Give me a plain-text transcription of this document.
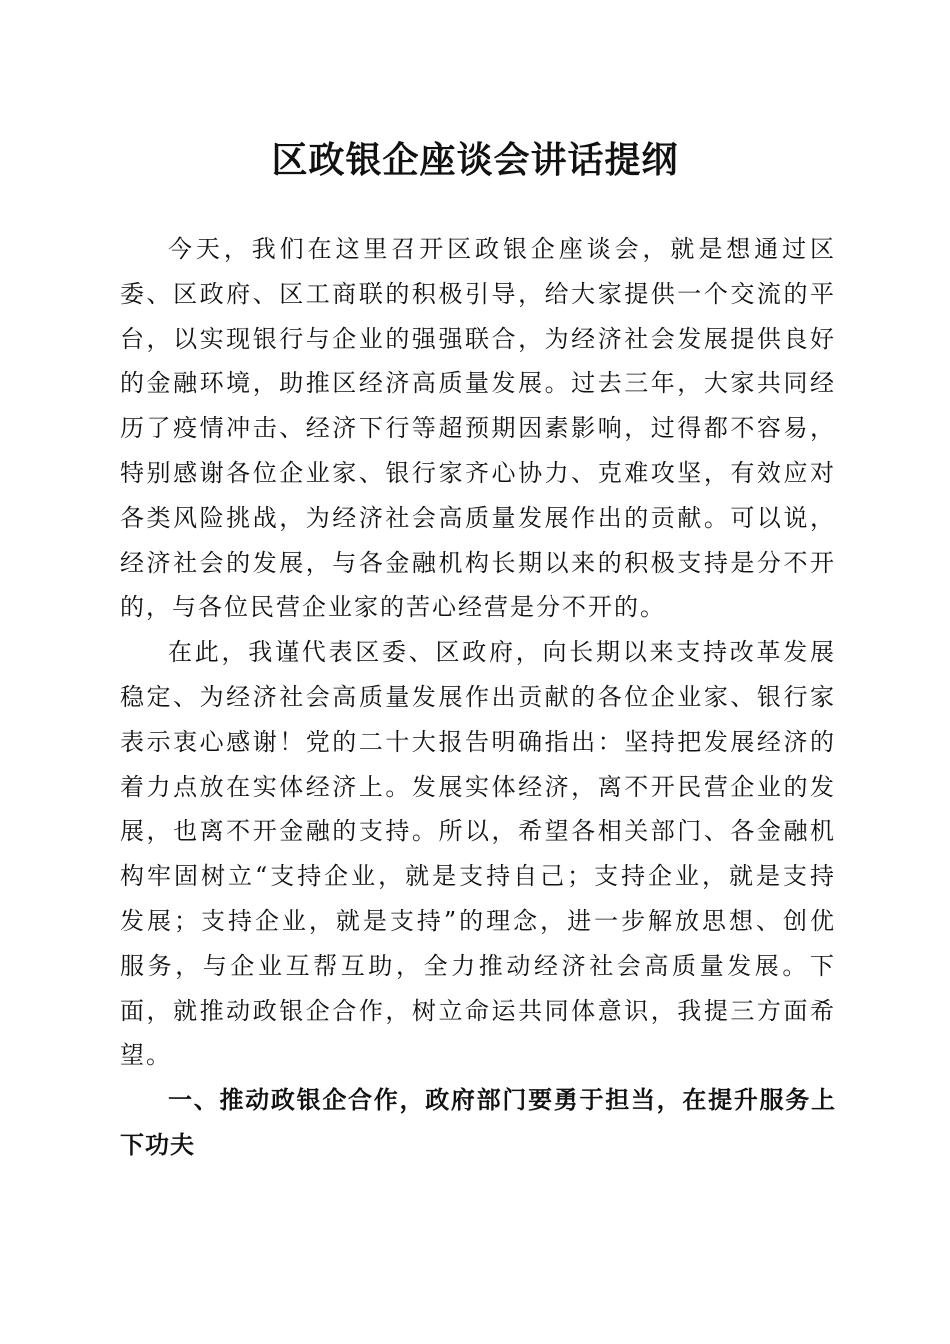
区政银企座谈会讲话提纲

今天，我们在这里召开区政银企座谈会，就是想通过区委、区政府、区工商联的积极引导，给大家提供一个交流的平台，以实现银行与企业的强强联合，为经济社会发展提供良好的金融环境，助推区经济高质量发展。过去三年，大家共同经历了疫情冲击、经济下行等超预期因素影响，过得都不容易，特别感谢各位企业家、银行家齐心协力、克难攻坚，有效应对各类风险挑战，为经济社会高质量发展作出的贡献。可以说，经济社会的发展，与各金融机构长期以来的积极支持是分不开的，与各位民营企业家的苦心经营是分不开的。

在此，我谨代表区委、区政府，向长期以来支持改革发展稳定、为经济社会高质量发展作出贡献的各位企业家、银行家表示衷心感谢！党的二十大报告明确指出：坚持把发展经济的着力点放在实体经济上。发展实体经济，离不开民营企业的发展，也离不开金融的支持。所以，希望各相关部门、各金融机构牢固树立“支持企业，就是支持自己；支持企业，就是支持发展；支持企业，就是支持”的理念，进一步解放思想、创优服务，与企业互帮互助，全力推动经济社会高质量发展。下面，就推动政银企合作，树立命运共同体意识，我提三方面希望。

一、推动政银企合作，政府部门要勇于担当，在提升服务上下功夫
